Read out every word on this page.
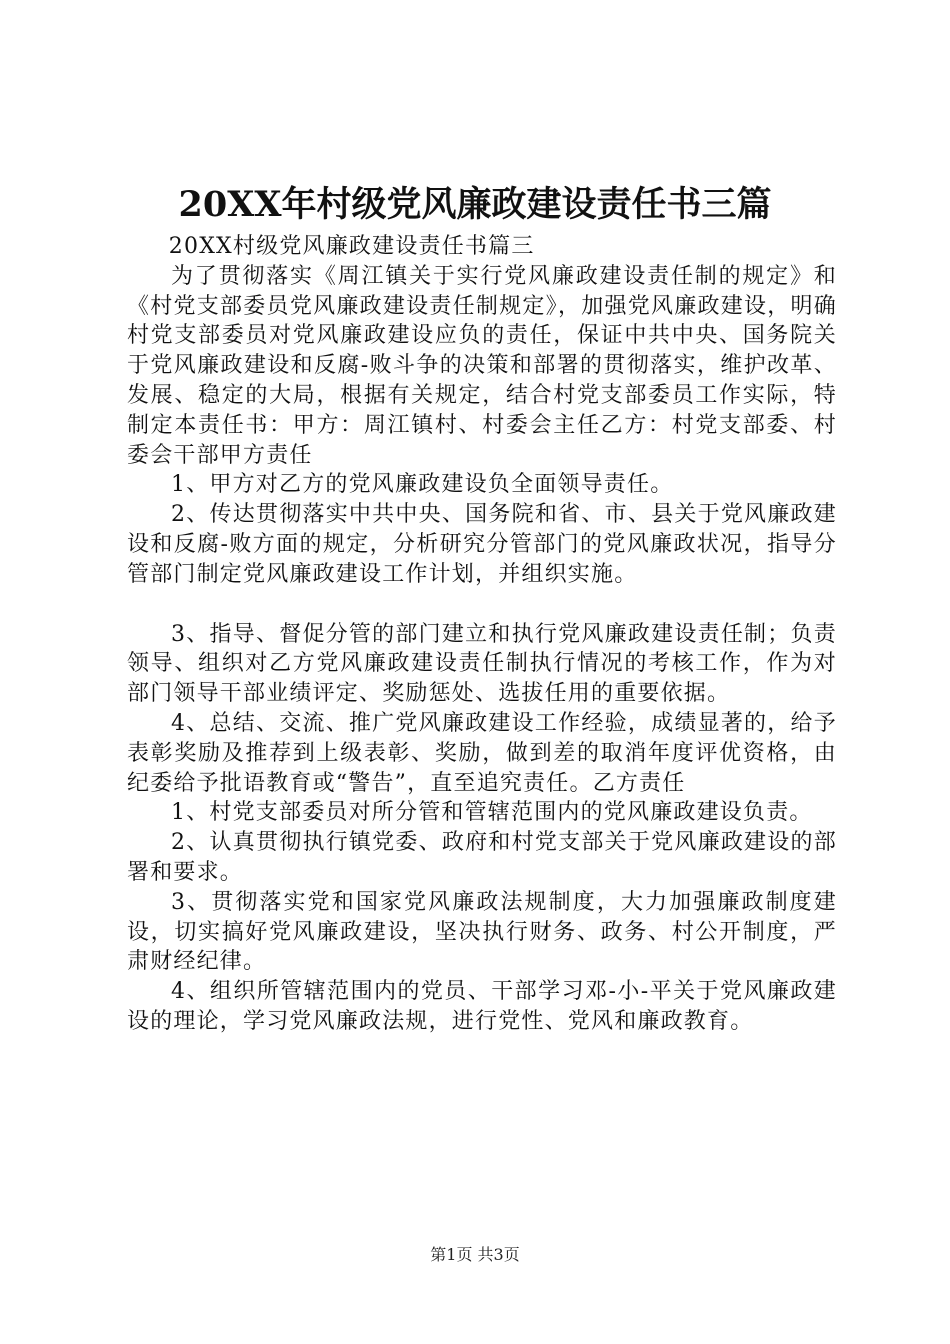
20XX年村级党风廉政建设责任书三篇

20XX村级党风廉政建设责任书篇三

为了贯彻落实《周江镇关于实行党风廉政建设责任制的规定》和《村党支部委员党风廉政建设责任制规定》，加强党风廉政建设，明确村党支部委员对党风廉政建设应负的责任，保证中共中央、国务院关于党风廉政建设和反腐-败斗争的决策和部署的贯彻落实，维护改革、发展、稳定的大局，根据有关规定，结合村党支部委员工作实际，特制定本责任书：甲方：周江镇村、村委会主任乙方：村党支部委、村委会干部甲方责任

1、甲方对乙方的党风廉政建设负全面领导责任。

2、传达贯彻落实中共中央、国务院和省、市、县关于党风廉政建设和反腐-败方面的规定，分析研究分管部门的党风廉政状况，指导分管部门制定党风廉政建设工作计划，并组织实施。

3、指导、督促分管的部门建立和执行党风廉政建设责任制；负责领导、组织对乙方党风廉政建设责任制执行情况的考核工作，作为对部门领导干部业绩评定、奖励惩处、选拔任用的重要依据。

4、总结、交流、推广党风廉政建设工作经验，成绩显著的，给予表彰奖励及推荐到上级表彰、奖励，做到差的取消年度评优资格，由纪委给予批语教育或“警告”，直至追究责任。乙方责任

1、村党支部委员对所分管和管辖范围内的党风廉政建设负责。

2、认真贯彻执行镇党委、政府和村党支部关于党风廉政建设的部署和要求。

3、贯彻落实党和国家党风廉政法规制度，大力加强廉政制度建设，切实搞好党风廉政建设，坚决执行财务、政务、村公开制度，严肃财经纪律。

4、组织所管辖范围内的党员、干部学习邓-小-平关于党风廉政建设的理论，学习党风廉政法规，进行党性、党风和廉政教育。

第1页 共3页
